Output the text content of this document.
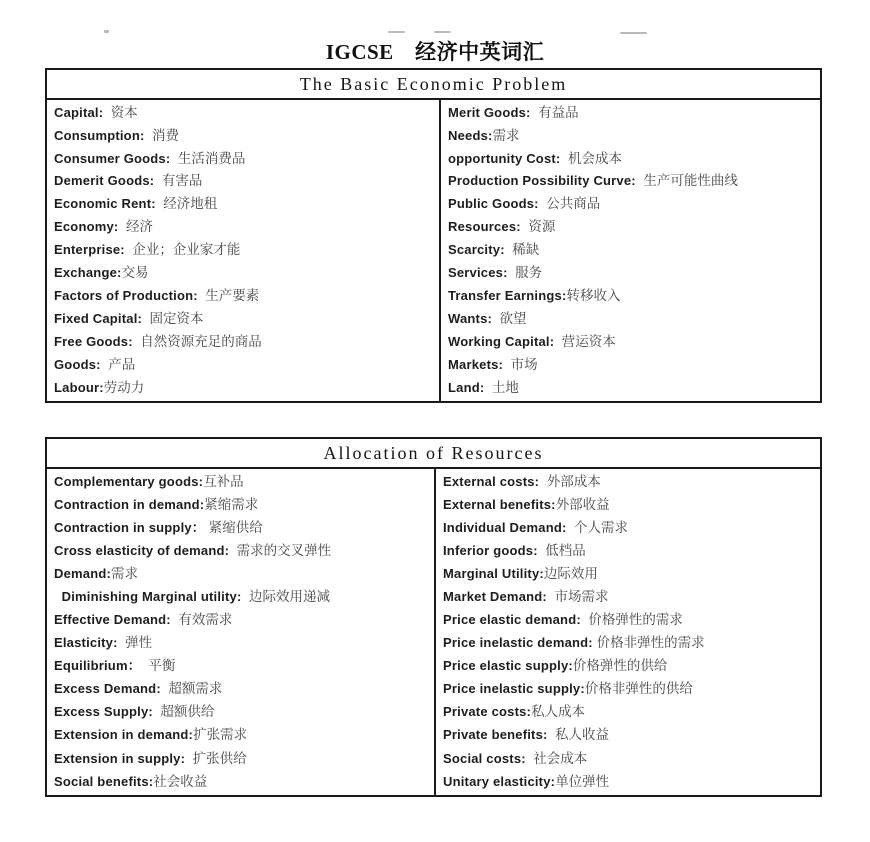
IGCSE　经济中英词汇
The Basic Economic Problem
Capital:  资本
Consumption:  消费
Consumer Goods:  生活消费品
Demerit Goods:  有害品
Economic Rent:  经济地租
Economy:  经济
Enterprise:  企业；企业家才能
Exchange:交易
Factors of Production:  生产要素
Fixed Capital:  固定资本
Free Goods:  自然资源充足的商品
Goods:  产品
Labour:劳动力
Merit Goods:  有益品
Needs:需求
opportunity Cost:  机会成本
Production Possibility Curve:  生产可能性曲线
Public Goods:  公共商品
Resources:  资源
Scarcity:  稀缺
Services:  服务
Transfer Earnings:转移收入
Wants:  欲望
Working Capital:  营运资本
Markets:  市场
Land:  土地
Allocation of Resources
Complementary goods:互补品
Contraction in demand:紧缩需求
Contraction in supply： 紧缩供给
Cross elasticity of demand:  需求的交叉弹性
Demand:需求
Diminishing Marginal utility:  边际效用递减
Effective Demand:  有效需求
Elasticity:  弹性
Equilibrium：  平衡
Excess Demand:  超额需求
Excess Supply:  超额供给
Extension in demand:扩张需求
Extension in supply:  扩张供给
Social benefits:社会收益
External costs:  外部成本
External benefits:外部收益
Individual Demand:  个人需求
Inferior goods:  低档品
Marginal Utility:边际效用
Market Demand:  市场需求
Price elastic demand:  价格弹性的需求
Price inelastic demand: 价格非弹性的需求
Price elastic supply:价格弹性的供给
Price inelastic supply:价格非弹性的供给
Private costs:私人成本
Private benefits:  私人收益
Social costs:  社会成本
Unitary elasticity:单位弹性
